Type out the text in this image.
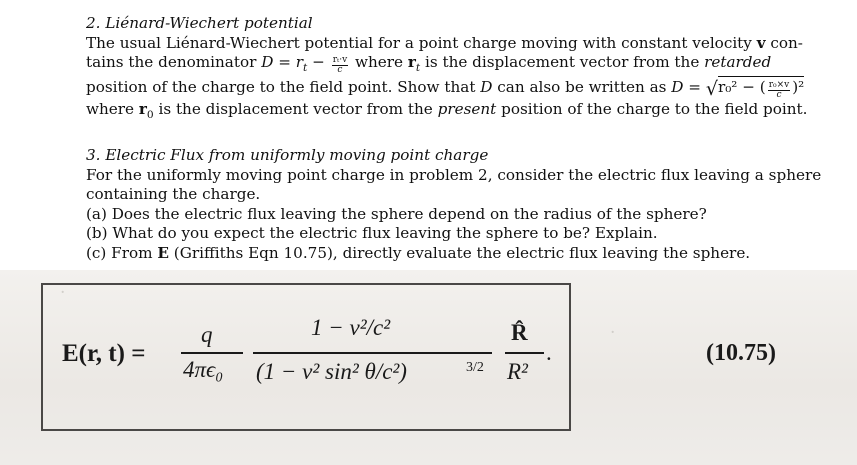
2. Liénard-Wiechert potential
The usual Liénard-Wiechert potential for a point charge moving with constant velocity v con-
tains the denominator $D = r_t - \frac{\text{rₜ·v}}{c}$ where $r_t$ is the displacement vector from the retarded
position of the charge to the field point. Show that D can also be written as D = √r₀² − ( $\frac{\text{r₀×v}}{c} )^2$
where $r_0$ is the displacement vector from the present position of the charge to the field point.
3. Electric Flux from uniformly moving point charge
For the uniformly moving point charge in problem 2, consider the electric flux leaving a sphere
containing the charge.
(a) Does the electric flux leaving the sphere depend on the radius of the sphere?
(b) What do you expect the electric flux leaving the sphere to be? Explain.
(c) From E (Griffiths Eqn 10.75), directly evaluate the electric flux leaving the sphere.
.
.
E(r, t) =
q
4πϵ₀
1 − v²/c²
(1 − v² sin² θ/c²)	3/2
R̂
R²
.	(10.75)
